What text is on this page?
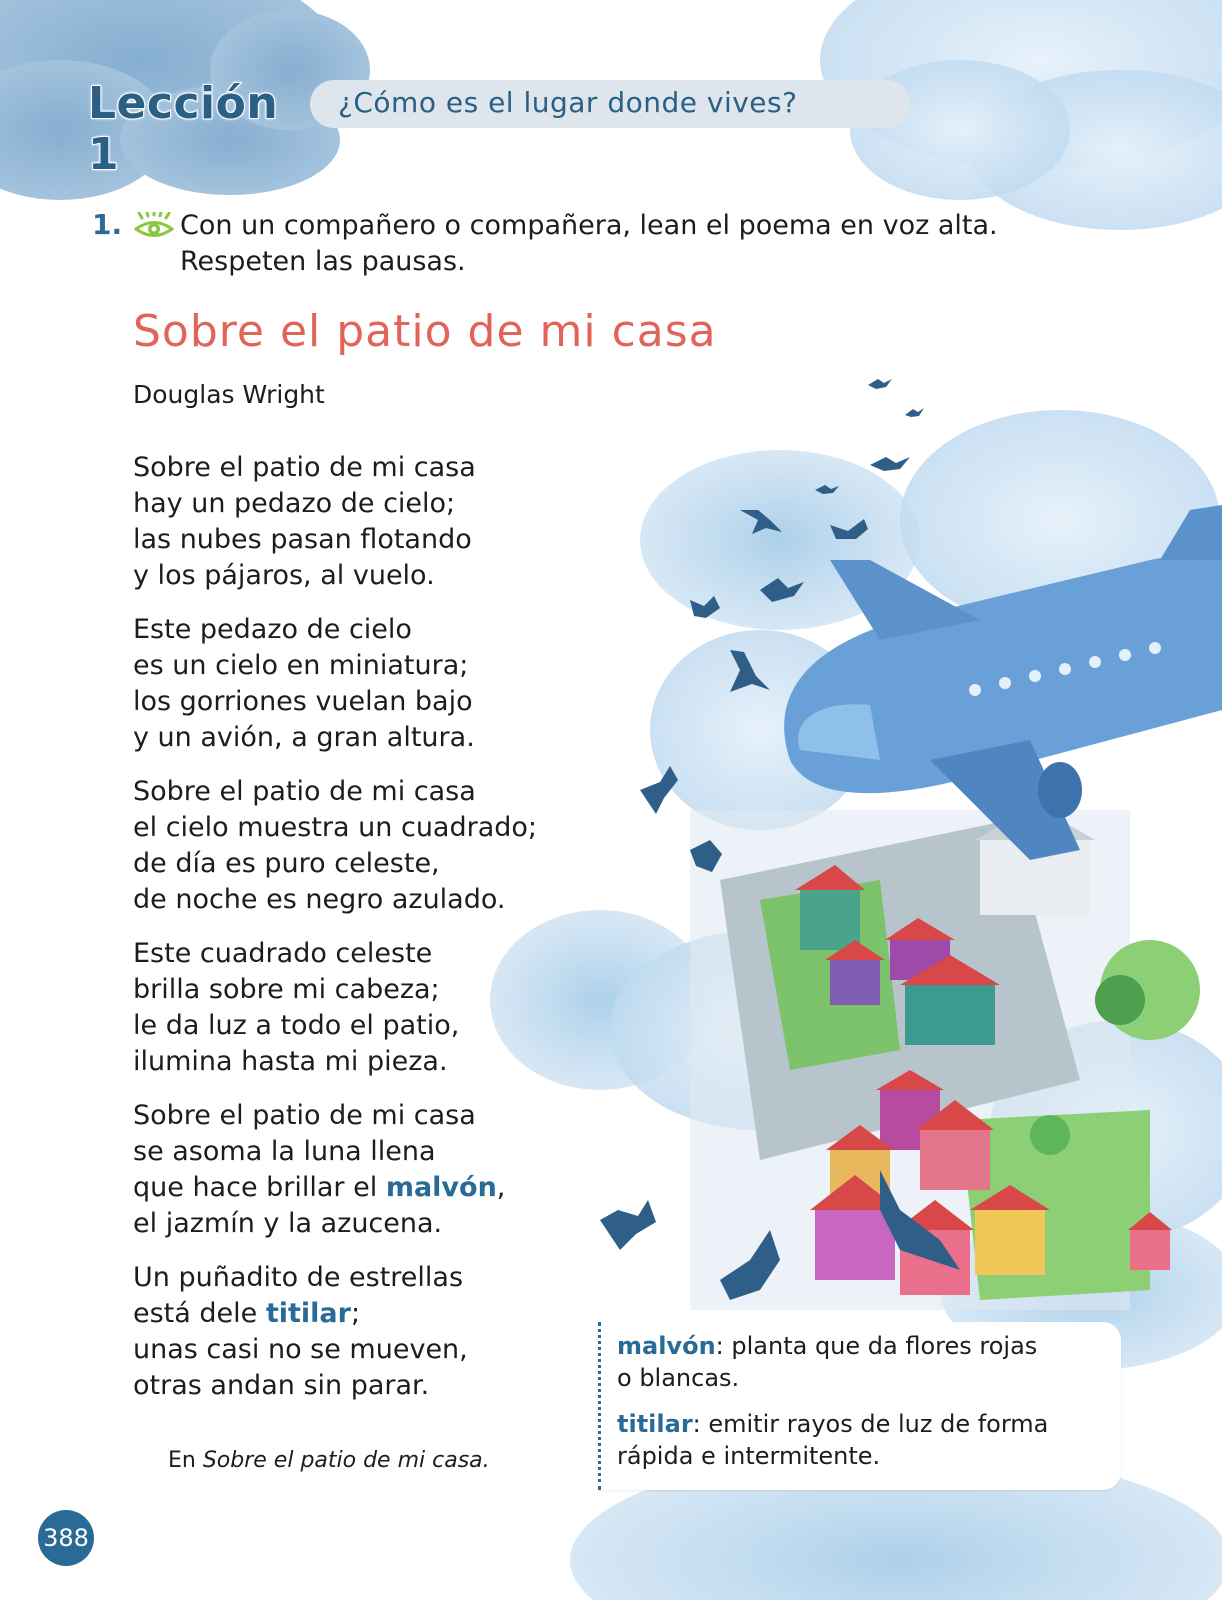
Lección 1
¿Cómo es el lugar donde vives?
1. Con un compañero o compañera, lean el poema en voz alta.
Respeten las pausas.
Sobre el patio de mi casa
Douglas Wright
Sobre el patio de mi casa
hay un pedazo de cielo;
las nubes pasan flotando
y los pájaros, al vuelo.
Este pedazo de cielo
es un cielo en miniatura;
los gorriones vuelan bajo
y un avión, a gran altura.
Sobre el patio de mi casa
el cielo muestra un cuadrado;
de día es puro celeste,
de noche es negro azulado.
Este cuadrado celeste
brilla sobre mi cabeza;
le da luz a todo el patio,
ilumina hasta mi pieza.
Sobre el patio de mi casa
se asoma la luna llena
que hace brillar el malvón,
el jazmín y la azucena.
Un puñadito de estrellas
está dele titilar;
unas casi no se mueven,
otras andan sin parar.
En Sobre el patio de mi casa.
malvón: planta que da flores rojas
o blancas.
titilar: emitir rayos de luz de forma
rápida e intermitente.
388
